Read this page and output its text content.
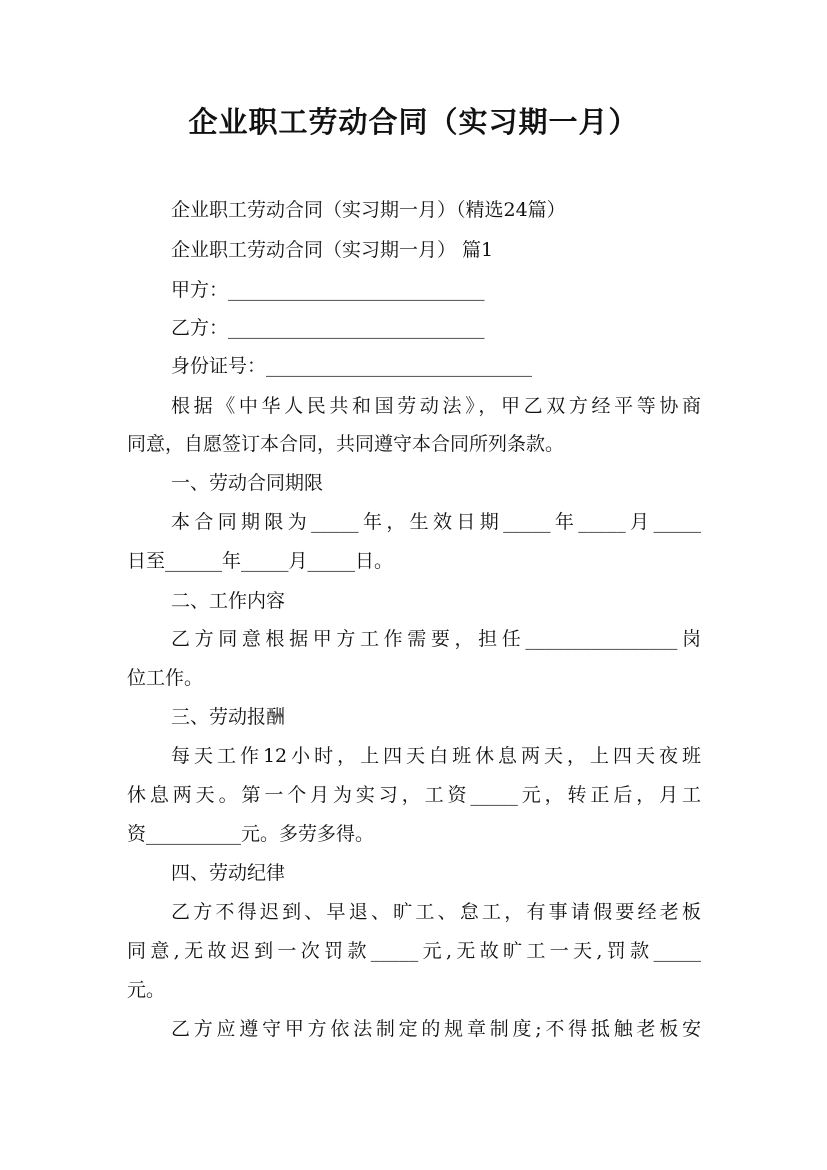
企业职工劳动合同（实习期一月）
企业职工劳动合同（实习期一月）（精选24篇）
企业职工劳动合同（实习期一月） 篇1
甲方：___________________________
乙方：___________________________
身份证号：____________________________
根据《中华人民共和国劳动法》，甲乙双方经平等协商
同意，自愿签订本合同，共同遵守本合同所列条款。
一、劳动合同期限
本合同期限为_____年，生效日期_____年_____月_____
日至______年_____月_____日。
二、工作内容
乙方同意根据甲方工作需要，担任________________岗
位工作。
三、劳动报酬
每天工作12小时，上四天白班休息两天，上四天夜班
休息两天。第一个月为实习，工资_____元，转正后，月工
资__________元。多劳多得。
四、劳动纪律
乙方不得迟到、早退、旷工、怠工，有事请假要经老板
同意,无故迟到一次罚款_____元,无故旷工一天,罚款_____
元。
乙方应遵守甲方依法制定的规章制度;不得抵触老板安
